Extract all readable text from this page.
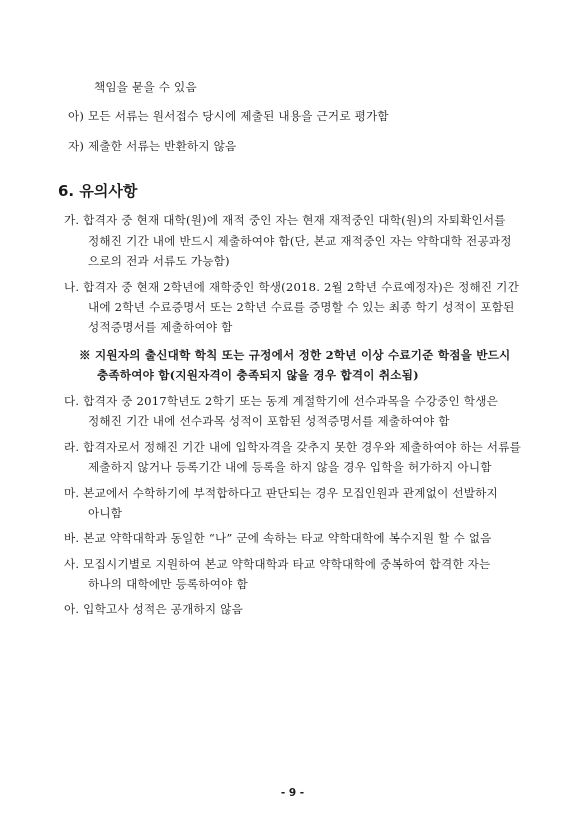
책임을 묻을 수 있음
아) 모든 서류는 원서접수 당시에 제출된 내용을 근거로 평가함
자) 제출한 서류는 반환하지 않음
6. 유의사항
가. 합격자 중 현재 대학(원)에 재적 중인 자는 현재 재적중인 대학(원)의 자퇴확인서를
정해진 기간 내에 반드시 제출하여야 함(단, 본교 재적중인 자는 약학대학 전공과정
으로의 전과 서류도 가능함)
나. 합격자 중 현재 2학년에 재학중인 학생(2018. 2월 2학년 수료예정자)은 정해진 기간
내에 2학년 수료증명서 또는 2학년 수료를 증명할 수 있는 최종 학기 성적이 포함된
성적증명서를 제출하여야 함
※ 지원자의 출신대학 학칙 또는 규정에서 정한 2학년 이상 수료기준 학점을 반드시
충족하여야 함(지원자격이 충족되지 않을 경우 합격이 취소됨)
다. 합격자 중 2017학년도 2학기 또는 동계 계절학기에 선수과목을 수강중인 학생은
정해진 기간 내에 선수과목 성적이 포함된 성적증명서를 제출하여야 함
라. 합격자로서 정해진 기간 내에 입학자격을 갖추지 못한 경우와 제출하여야 하는 서류를
제출하지 않거나 등록기간 내에 등록을 하지 않을 경우 입학을 허가하지 아니함
마. 본교에서 수학하기에 부적합하다고 판단되는 경우 모집인원과 관계없이 선발하지
아니함
바. 본교 약학대학과 동일한 “나” 군에 속하는 타교 약학대학에 복수지원 할 수 없음
사. 모집시기별로 지원하여 본교 약학대학과 타교 약학대학에 중복하여 합격한 자는
하나의 대학에만 등록하여야 함
아. 입학고사 성적은 공개하지 않음
- 9 -
